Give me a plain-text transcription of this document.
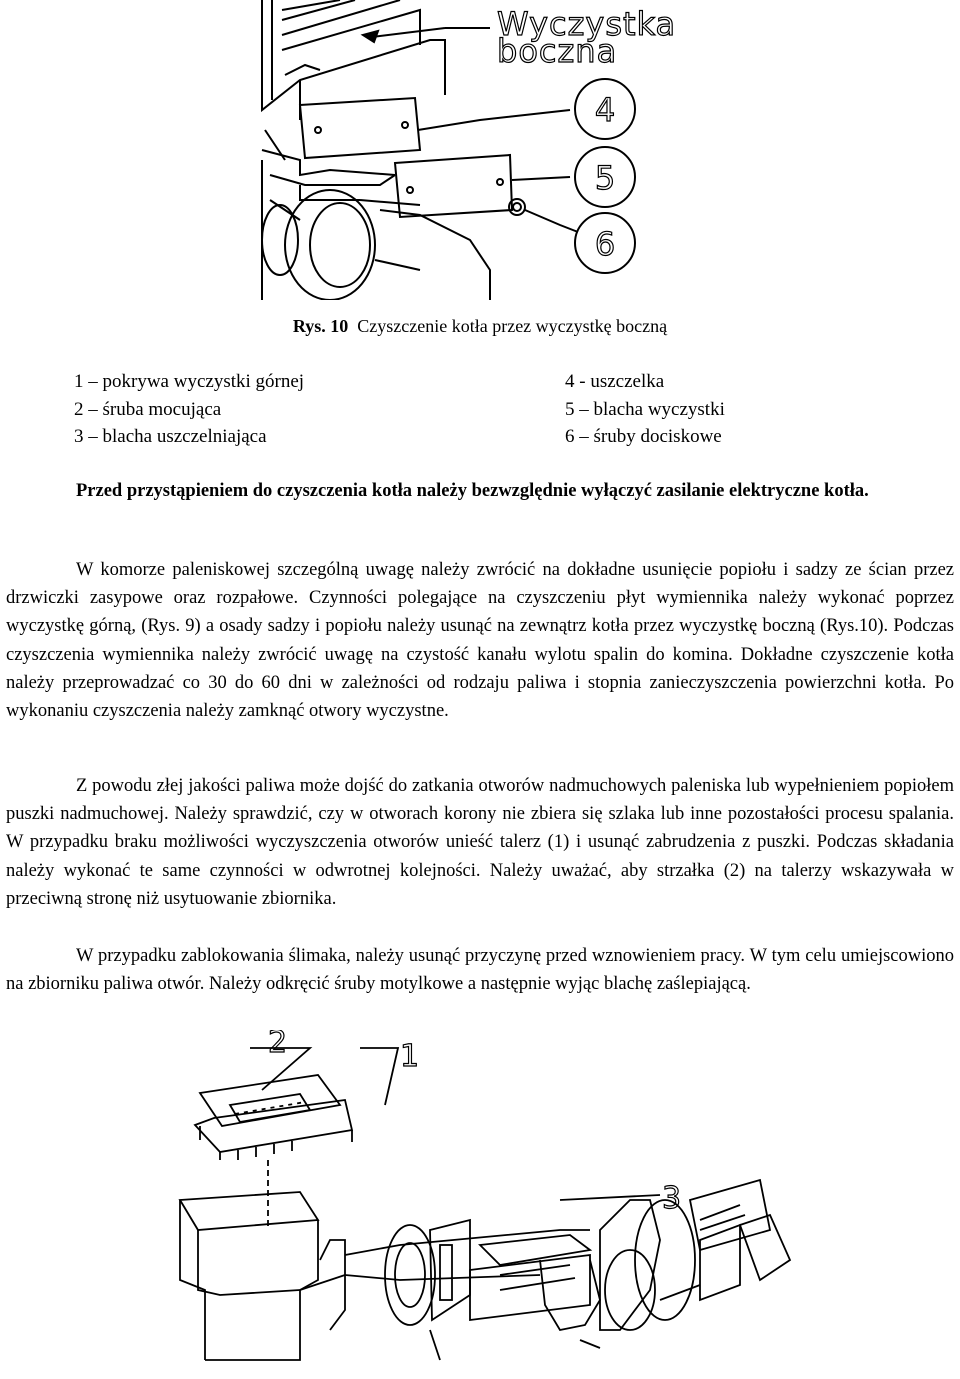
Wyczystka
boczna
4
5
6
Rys. 10 Czyszczenie kotła przez wyczystkę boczną
1 – pokrywa wyczystki górnej
2 – śruba mocująca
3 – blacha uszczelniająca
4 - uszczelka
5 – blacha wyczystki
6 – śruby dociskowe
Przed przystąpieniem do czyszczenia kotła należy bezwzględnie wyłączyć zasilanie elektryczne kotła.
W komorze paleniskowej szczególną uwagę należy zwrócić na dokładne usunięcie popiołu i sadzy ze ścian przez drzwiczki zasypowe oraz rozpałowe. Czynności polegające na czyszczeniu płyt wymiennika należy wykonać poprzez wyczystkę górną, (Rys. 9) a osady sadzy i popiołu należy usunąć na zewnątrz kotła przez wyczystkę boczną (Rys.10). Podczas czyszczenia wymiennika należy zwrócić uwagę na czystość kanału wylotu spalin do komina. Dokładne czyszczenie kotła należy przeprowadzać co 30 do 60 dni w zależności od rodzaju paliwa i stopnia zanieczyszczenia powierzchni kotła. Po wykonaniu czyszczenia należy zamknąć otwory wyczystne.
Z powodu złej jakości paliwa może dojść do zatkania otworów nadmuchowych paleniska lub wypełnieniem popiołem puszki nadmuchowej. Należy sprawdzić, czy w otworach korony nie zbiera się szlaka lub inne pozostałości procesu spalania. W przypadku braku możliwości wyczyszczenia otworów unieść talerz (1) i usunąć zabrudzenia z puszki. Podczas składania należy wykonać te same czynności w odwrotnej kolejności. Należy uważać, aby strzałka (2) na talerzy wskazywała w przeciwną stronę niż usytuowanie zbiornika.
W przypadku zablokowania ślimaka, należy usunąć przyczynę przed wznowieniem pracy. W tym celu umiejscowiono na zbiorniku paliwa otwór. Należy odkręcić śruby motylkowe a następnie wyjąc blachę zaślepiającą.
2	1
3
